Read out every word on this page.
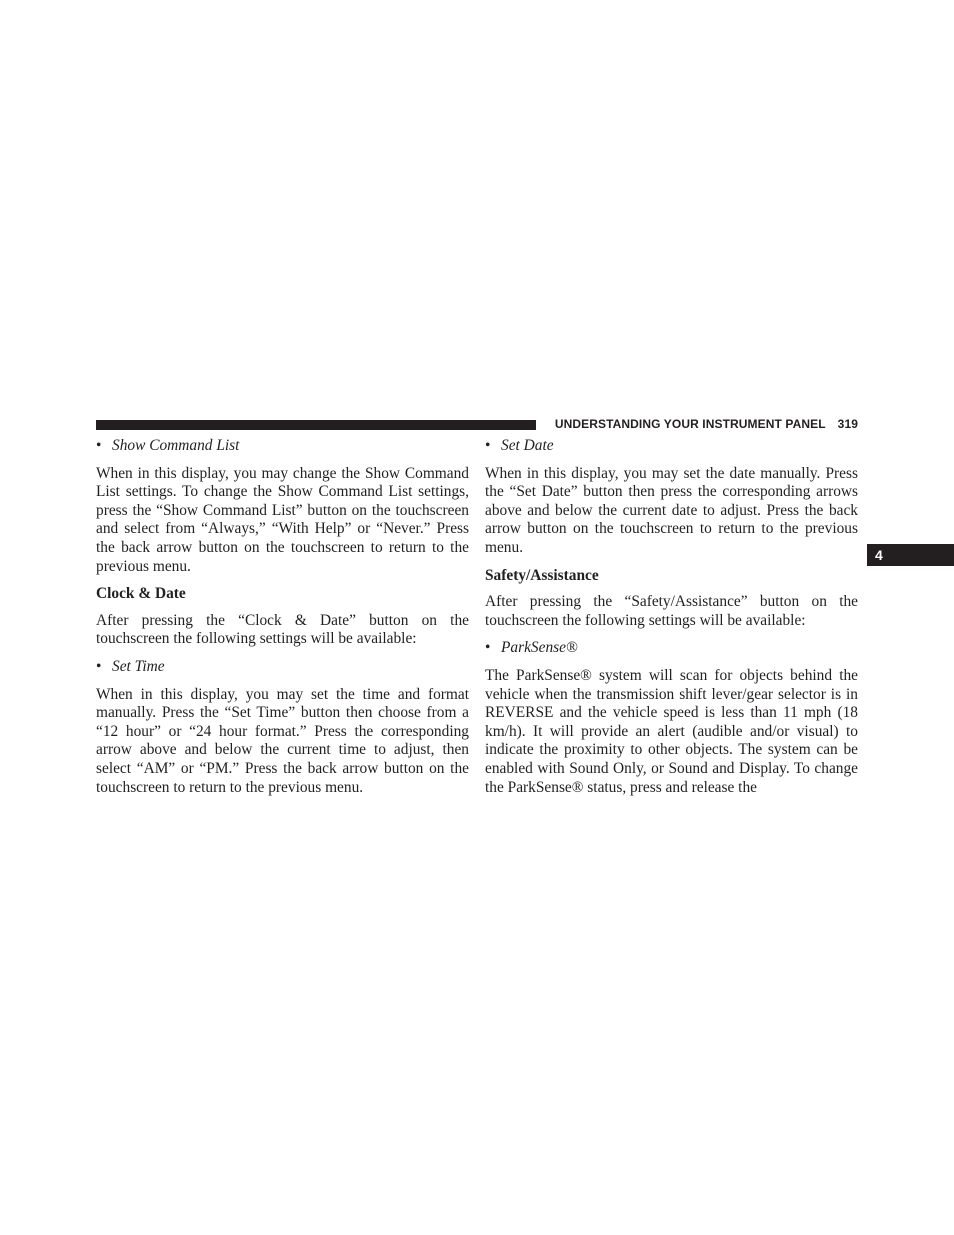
UNDERSTANDING YOUR INSTRUMENT PANEL 319
4

• Show Command List

When in this display, you may change the Show Command List settings. To change the Show Command List settings, press the “Show Command List” button on the touchscreen and select from “Always,” “With Help” or “Never.” Press the back arrow button on the touchscreen to return to the previous menu.

Clock & Date

After pressing the “Clock & Date” button on the touchscreen the following settings will be available:

• Set Time

When in this display, you may set the time and format manually. Press the “Set Time” button then choose from a “12 hour” or “24 hour format.” Press the corresponding arrow above and below the current time to adjust, then select “AM” or “PM.” Press the back arrow button on the touchscreen to return to the previous menu.

• Set Date

When in this display, you may set the date manually. Press the “Set Date” button then press the corresponding arrows above and below the current date to adjust. Press the back arrow button on the touchscreen to return to the previous menu.

Safety/Assistance

After pressing the “Safety/Assistance” button on the touchscreen the following settings will be available:

• ParkSense®

The ParkSense® system will scan for objects behind the vehicle when the transmission shift lever/gear selector is in REVERSE and the vehicle speed is less than 11 mph (18 km/h). It will provide an alert (audible and/or visual) to indicate the proximity to other objects. The system can be enabled with Sound Only, or Sound and Display. To change the ParkSense® status, press and release the
